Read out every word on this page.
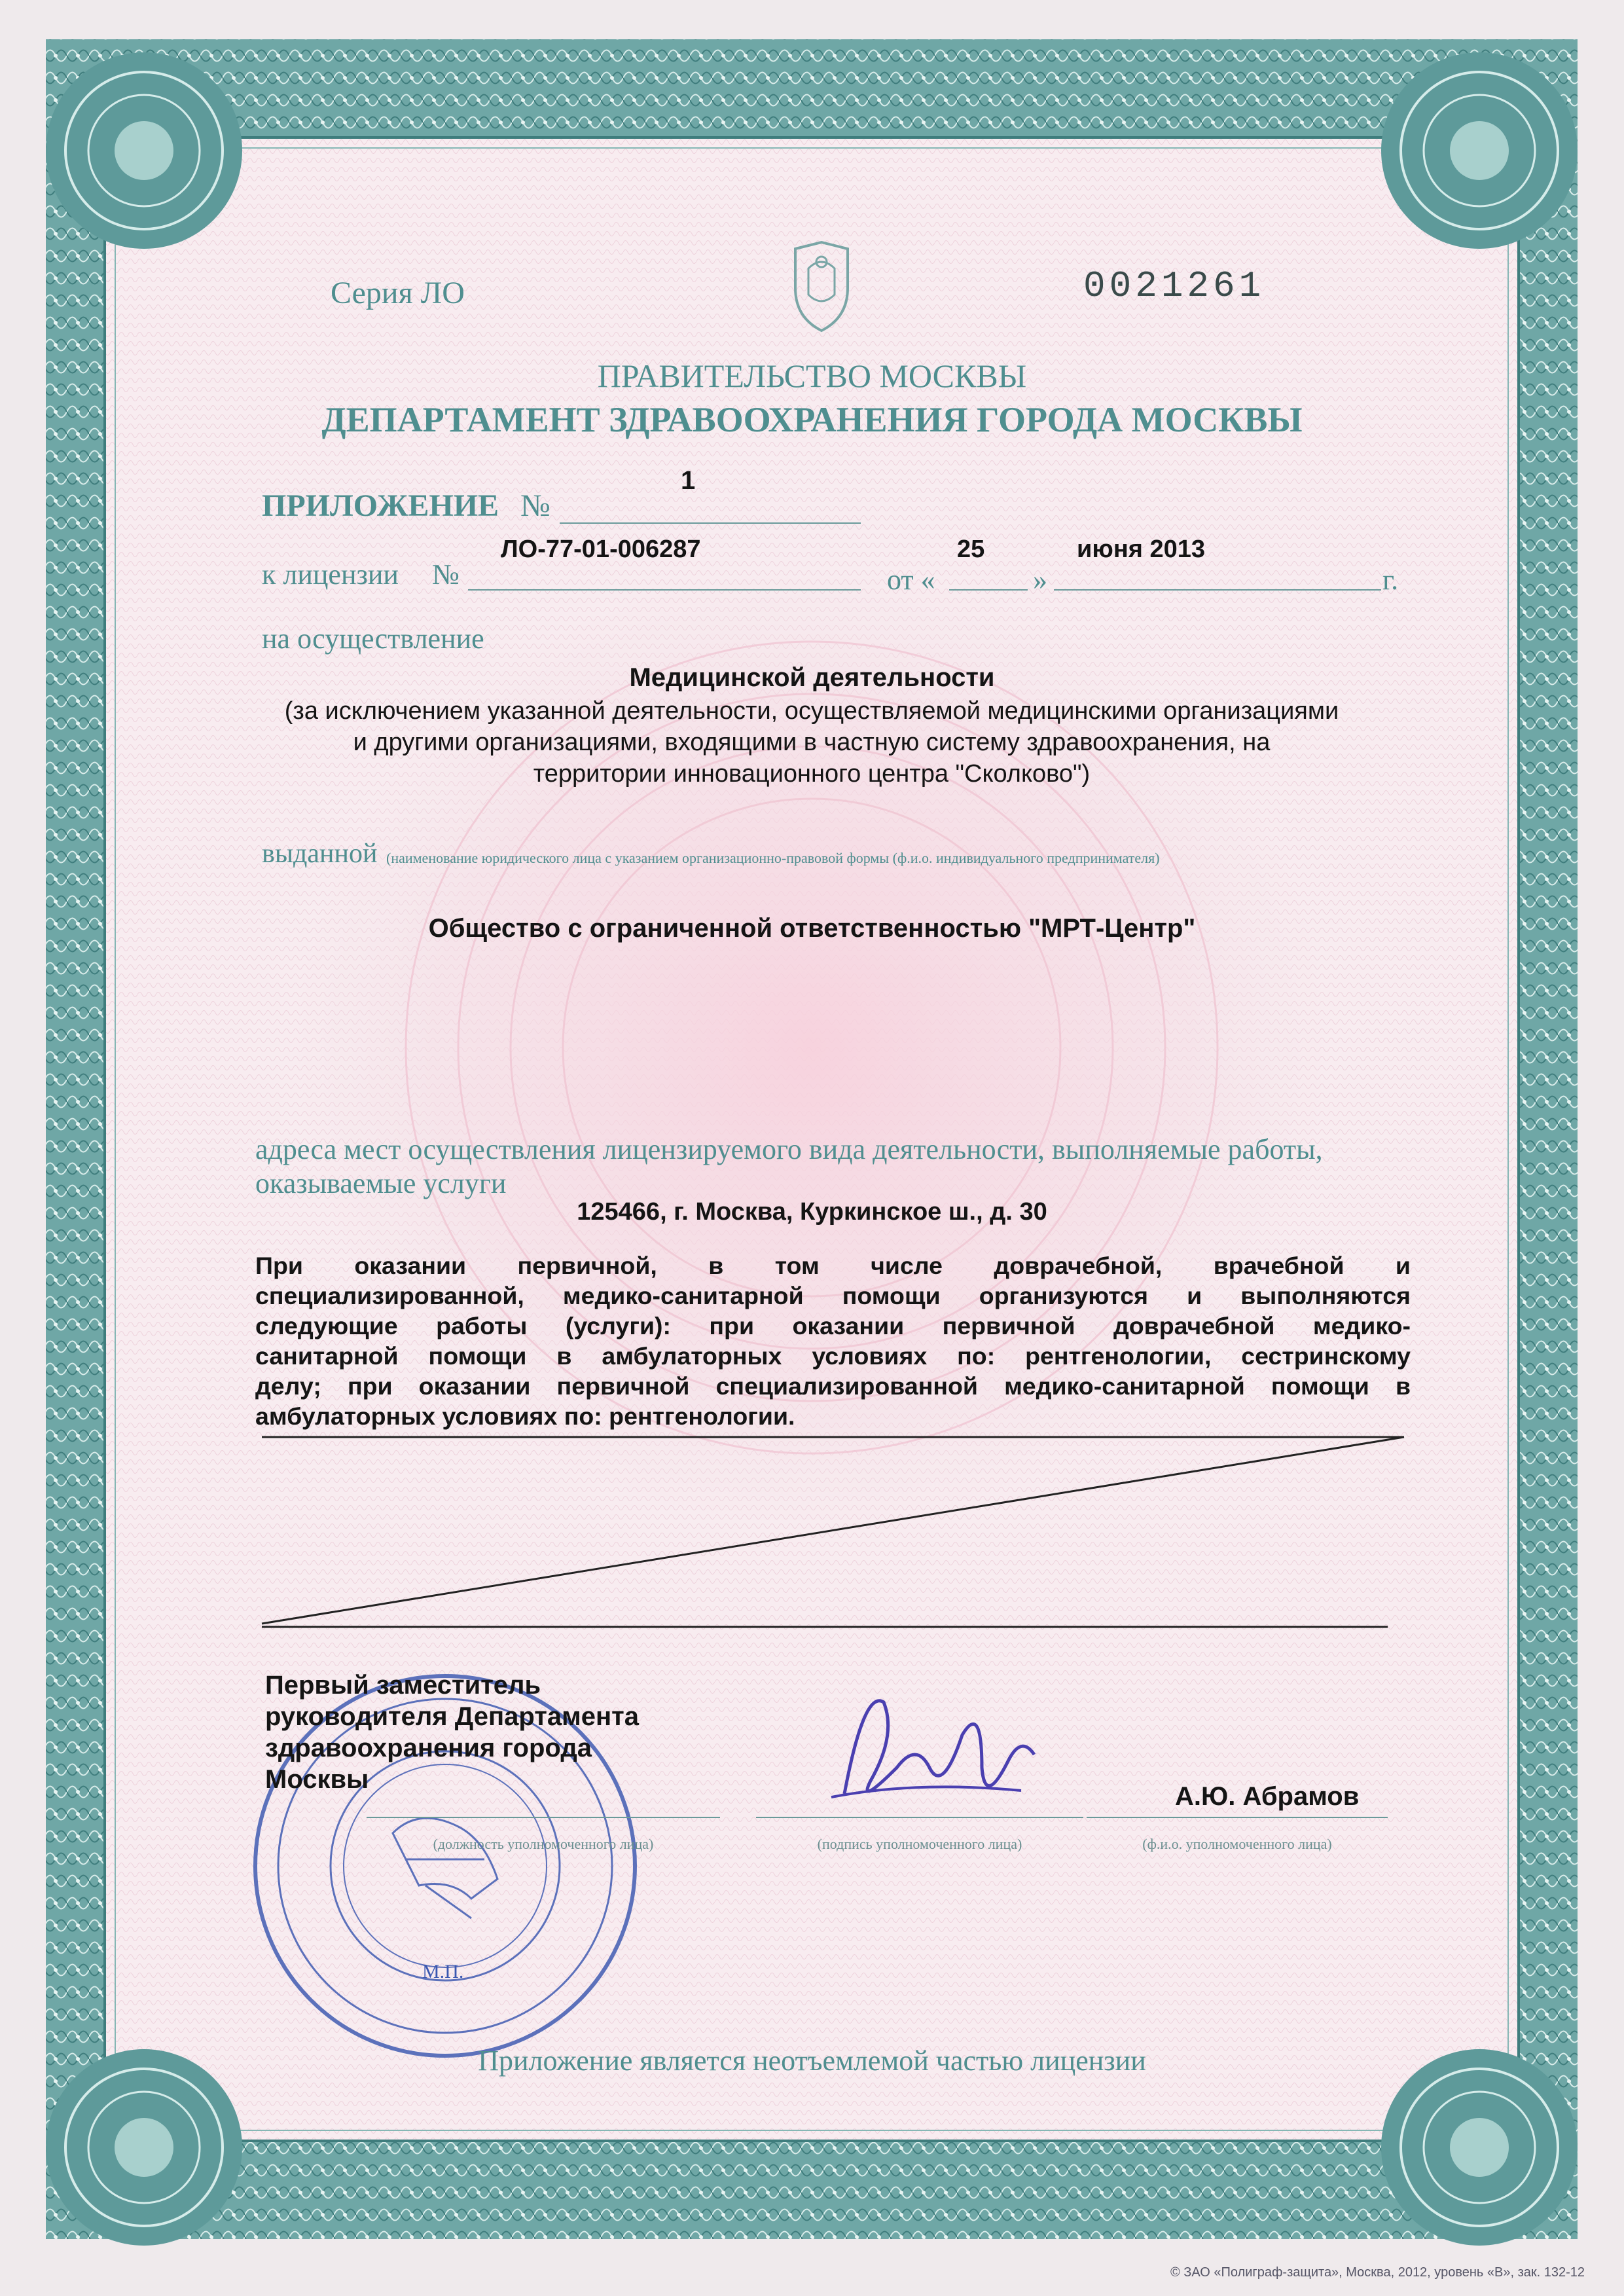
Серия ЛО	0021261

ПРАВИТЕЛЬСТВО МОСКВЫ

ДЕПАРТАМЕНТ ЗДРАВООХРАНЕНИЯ ГОРОДА МОСКВЫ

ПРИЛОЖЕНИЕ №

1

к лицензии №

ЛО-77-01-006287

от «

25

»

июня 2013

г.

на осуществление

Медицинской деятельности

(за исключением указанной деятельности, осуществляемой медицинскими организациями
и другими организациями, входящими в частную систему здравоохранения, на
территории инновационного центра "Сколково")

выданной (наименование юридического лица с указанием организационно-правовой формы (ф.и.о. индивидуального предпринимателя)

Общество с ограниченной ответственностью "МРТ-Центр"

адреса мест осуществления лицензируемого вида деятельности, выполняемые работы,

оказываемые услуги

125466, г. Москва, Куркинское ш., д. 30

При оказании первичной, в том числе доврачебной, врачебной и
специализированной, медико-санитарной помощи организуются и выполняются
следующие работы (услуги): при оказании первичной доврачебной медико-
санитарной помощи в амбулаторных условиях по: рентгенологии, сестринскому
делу; при оказании первичной специализированной медико-санитарной помощи в
амбулаторных условиях по: рентгенологии.
Первый заместитель
руководителя Департамента
здравоохранения города
Москвы

(должность уполномоченного лица)	(подпись уполномоченного лица)

А.Ю. Абрамов

(ф.и.о. уполномоченного лица)

М.П.

Приложение является неотъемлемой частью лицензии

© ЗАО «Полиграф-защита», Москва, 2012, уровень «В», зак. 132-12
